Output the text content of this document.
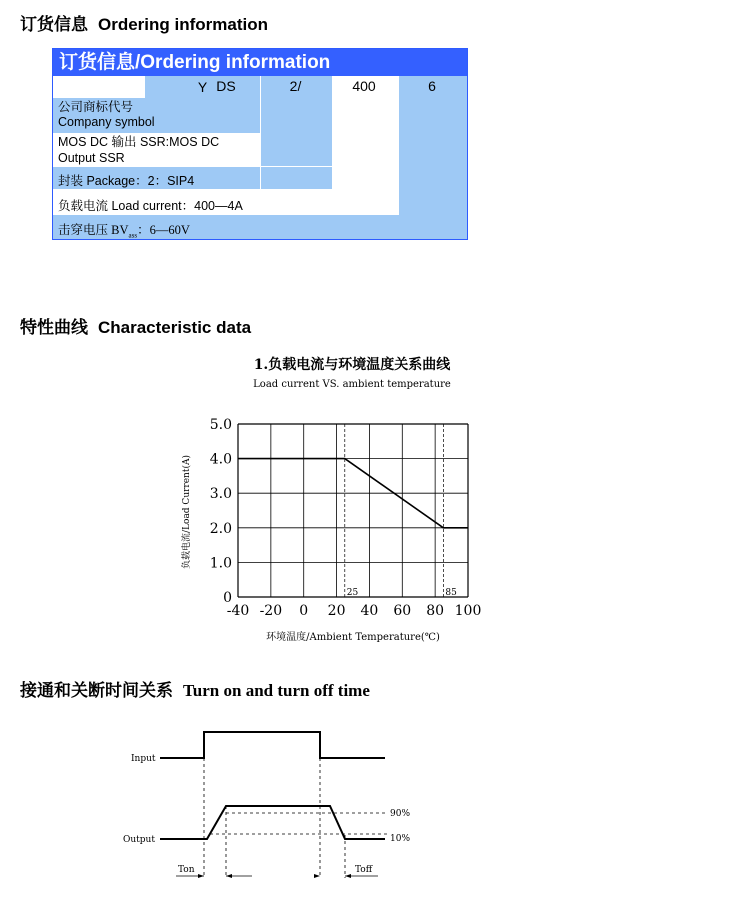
订货信息 Ordering information
订货信息/Ordering information
Y DS	2/	400	6
公司商标代号
Company symbol
MOS DC 输出 SSR:MOS DC
Output SSR
封装 Package：2：SIP4
负载电流 Load current：400—4A
击穿电压 $BV_{ass}$：6—60V
特性曲线 Characteristic data
1.负载电流与环境温度关系曲线
Load current VS. ambient temperature
-40 -20 0 20 40 60 80 100
0
1.0
2.0
3.0
4.0
5.0
25	85
环境温度/Ambient Temperature(℃)
负载电流/Load Current(A)
接通和关断时间关系 Turn on and turn off time
Input
Output
90%
10%
Ton	Toff
